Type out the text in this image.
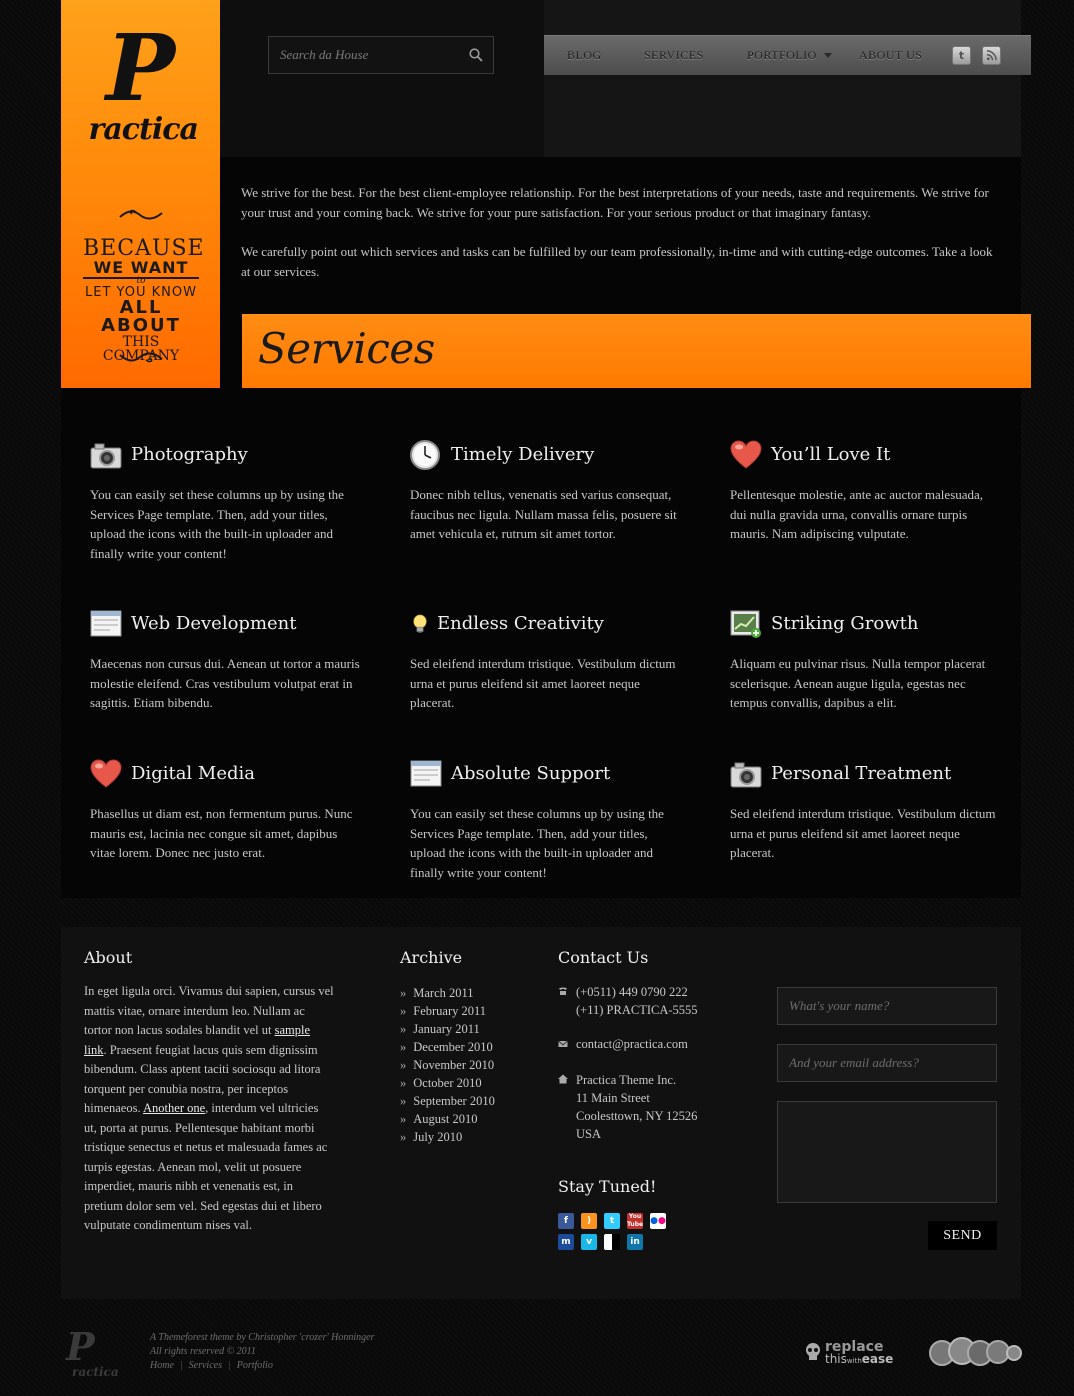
P
ractica
BECAUSE
WE WANT
to
LET YOU KNOW
ALL ABOUT
THIS COMPANY
Search da House
BLOG	SERVICES	PORTFOLIO	ABOUT US	t

We strive for the best. For the best client-employee relationship. For the best interpretations of your needs, taste and requirements. We strive for your trust and your coming back. We strive for your pure satisfaction. For your serious product or that imaginary fantasy.

We carefully point out which services and tasks can be fulfilled by our team professionally, in-time and with cutting-edge outcomes. Take a look at our services.

Services
Photography

You can easily set these columns up by using the Services Page template. Then, add your titles, upload the icons with the built-in uploader and finally write your content!

Timely Delivery

Donec nibh tellus, venenatis sed varius consequat, faucibus nec ligula. Nullam massa felis, posuere sit amet vehicula et, rutrum sit amet tortor.

You’ll Love It

Pellentesque molestie, ante ac auctor malesuada, dui nulla gravida urna, convallis ornare turpis mauris. Nam adipiscing vulputate.

Web Development

Maecenas non cursus dui. Aenean ut tortor a mauris molestie eleifend. Cras vestibulum volutpat erat in sagittis. Etiam bibendu.

Endless Creativity

Sed eleifend interdum tristique. Vestibulum dictum urna et purus eleifend sit amet laoreet neque placerat.

Striking Growth

Aliquam eu pulvinar risus. Nulla tempor placerat scelerisque. Aenean augue ligula, egestas nec tempus convallis, dapibus a elit.

Digital Media

Phasellus ut diam est, non fermentum purus. Nunc mauris est, lacinia nec congue sit amet, dapibus vitae lorem. Donec nec justo erat.

Absolute Support

You can easily set these columns up by using the Services Page template. Then, add your titles, upload the icons with the built-in uploader and finally write your content!

Personal Treatment

Sed eleifend interdum tristique. Vestibulum dictum urna et purus eleifend sit amet laoreet neque placerat.

About

In eget ligula orci. Vivamus dui sapien, cursus vel mattis vitae, ornare interdum leo. Nullam ac tortor non lacus sodales blandit vel ut sample link. Praesent feugiat lacus quis sem dignissim bibendum. Class aptent taciti sociosqu ad litora torquent per conubia nostra, per inceptos himenaeos. Another one, interdum vel ultricies ut, porta at purus. Pellentesque habitant morbi tristique senectus et netus et malesuada fames ac turpis egestas. Aenean mol, velit ut posuere imperdiet, mauris nibh et venenatis est, in pretium dolor sem vel. Sed egestas dui et libero vulputate condimentum nises val.

Archive
» March 2011
» February 2011
» January 2011
» December 2010
» November 2010
» October 2010
» September 2010
» August 2010
» July 2010
Contact Us
(+0511) 449 0790 222
(+11) PRACTICA-5555
contact@practica.com
Practica Theme Inc.
11 Main Street
Coolesttown, NY 12526
USA
Stay Tuned!
f	)	t	You
Tube ●●
m	v	in
What's your name?
And your email address?	SEND
P
ractica
A Themeforest theme by Christopher 'crozer' Honninger
All rights reserved © 2011
Home | Services | Portfolio
replace
thiswithease
